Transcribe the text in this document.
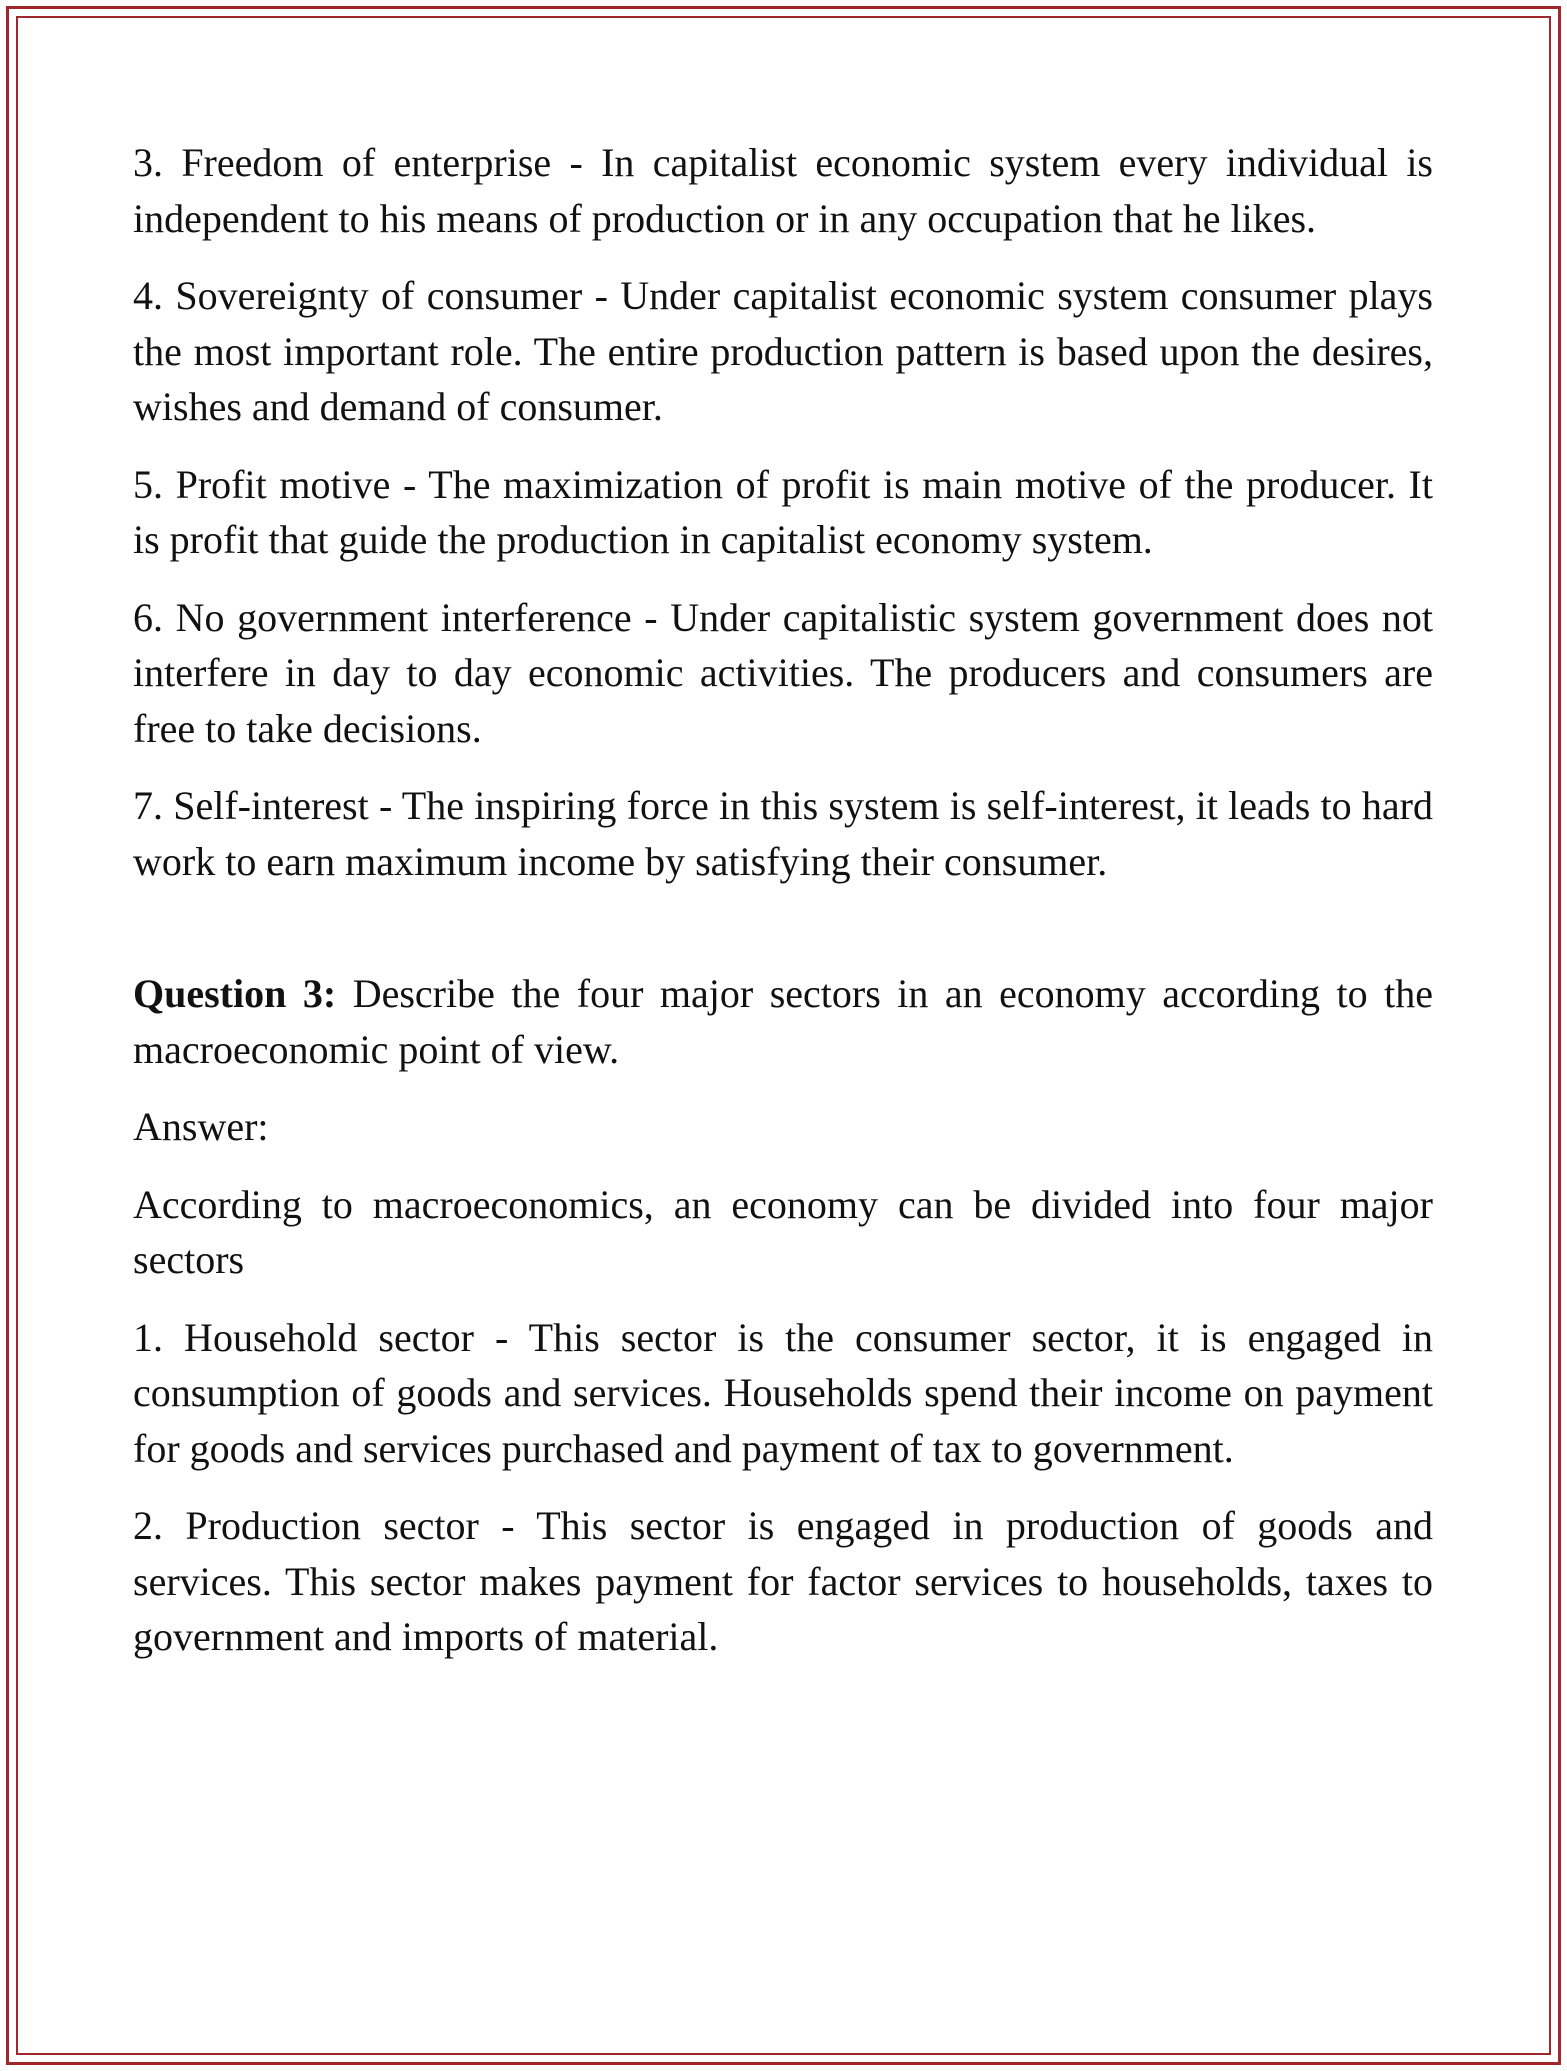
3. Freedom of enterprise - In capitalist economic system every individual is independent to his means of production or in any occupation that he likes.

4. Sovereignty of consumer - Under capitalist economic system consumer plays the most important role. The entire production pattern is based upon the desires, wishes and demand of consumer.

5. Profit motive - The maximization of profit is main motive of the producer. It is profit that guide the production in capitalist economy system.

6. No government interference - Under capitalistic system government does not interfere in day to day economic activities. The producers and consumers are free to take decisions.

7. Self-interest - The inspiring force in this system is self-interest, it leads to hard work to earn maximum income by satisfying their consumer.

Question 3: Describe the four major sectors in an economy according to the macroeconomic point of view.

Answer:

According to macroeconomics, an economy can be divided into four major sectors

1. Household sector - This sector is the consumer sector, it is engaged in consumption of goods and services. Households spend their income on payment for goods and services purchased and payment of tax to government.

2. Production sector - This sector is engaged in production of goods and services. This sector makes payment for factor services to households, taxes to government and imports of material.
